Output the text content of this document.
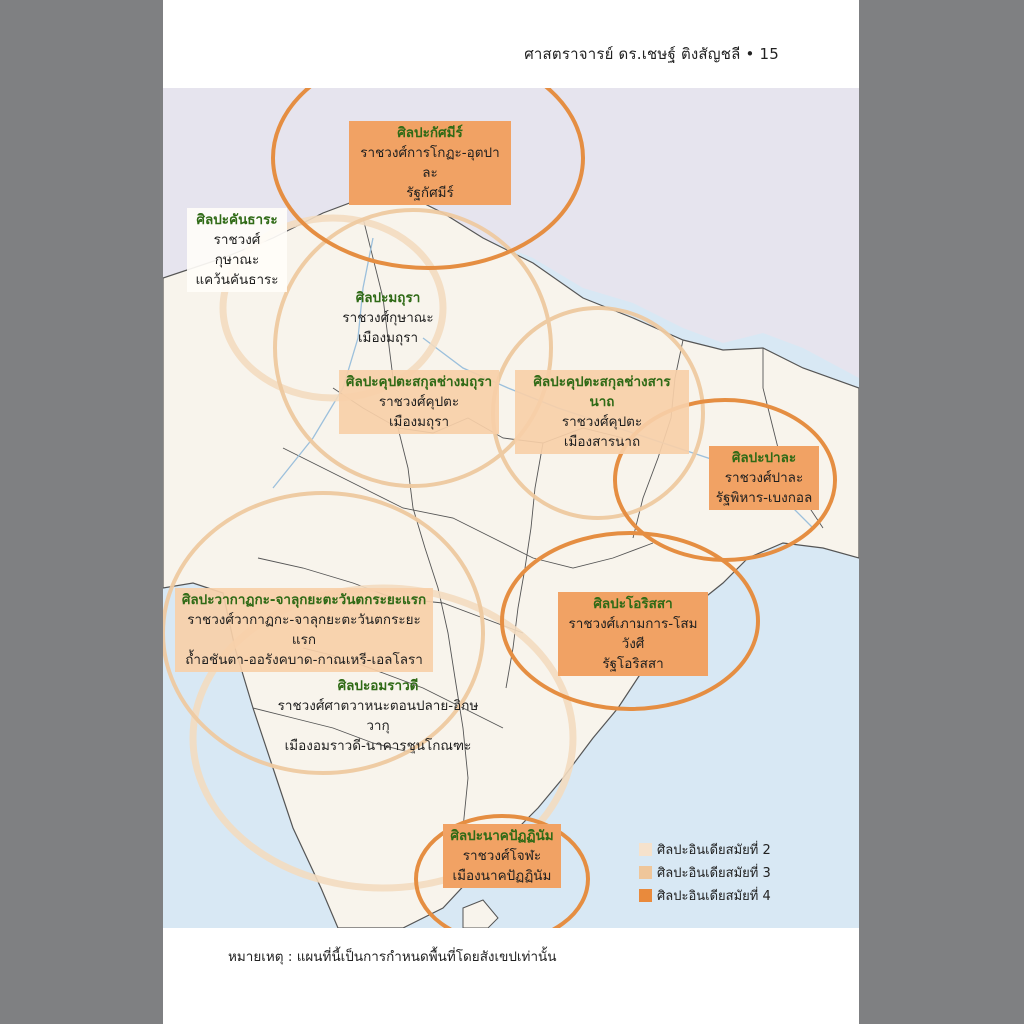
ศาสตราจารย์ ดร.เชษฐ์ ติงสัญชลี • 15
ศิลปะกัศมีร์
ราชวงศ์การโกฏะ-อุตปาละ
รัฐกัศมีร์
ศิลปะคันธาระ
ราชวงศ์กุษาณะ
แคว้นคันธาระ
ศิลปะมถุรา
ราชวงศ์กุษาณะ
เมืองมถุรา
ศิลปะคุปตะสกุลช่างมถุรา
ราชวงศ์คุปตะ
เมืองมถุรา
ศิลปะคุปตะสกุลช่างสารนาถ
ราชวงศ์คุปตะ
เมืองสารนาถ
ศิลปะปาละ
ราชวงศ์ปาละ
รัฐพิหาร-เบงกอล
ศิลปะวากาฏกะ-จาลุกยะตะวันตกระยะแรก
ราชวงศ์วากาฏกะ-จาลุกยะตะวันตกระยะแรก
ถ้ำอชันตา-ออรังคบาด-กาณเหรี-เอลโลรา
ศิลปะโอริสสา
ราชวงศ์เภามการ-โสมวังศี
รัฐโอริสสา
ศิลปะอมราวดี
ราชวงศ์ศาตวาหนะตอนปลาย-อิกษวากุ
เมืองอมราวดี-นาคารชุนโกณฑะ
ศิลปะนาคปัฏฏินัม
ราชวงศ์โจฬะ
เมืองนาคปัฏฏินัม
ศิลปะอินเดียสมัยที่ 2
ศิลปะอินเดียสมัยที่ 3
ศิลปะอินเดียสมัยที่ 4
หมายเหตุ : แผนที่นี้เป็นการกำหนดพื้นที่โดยสังเขปเท่านั้น
